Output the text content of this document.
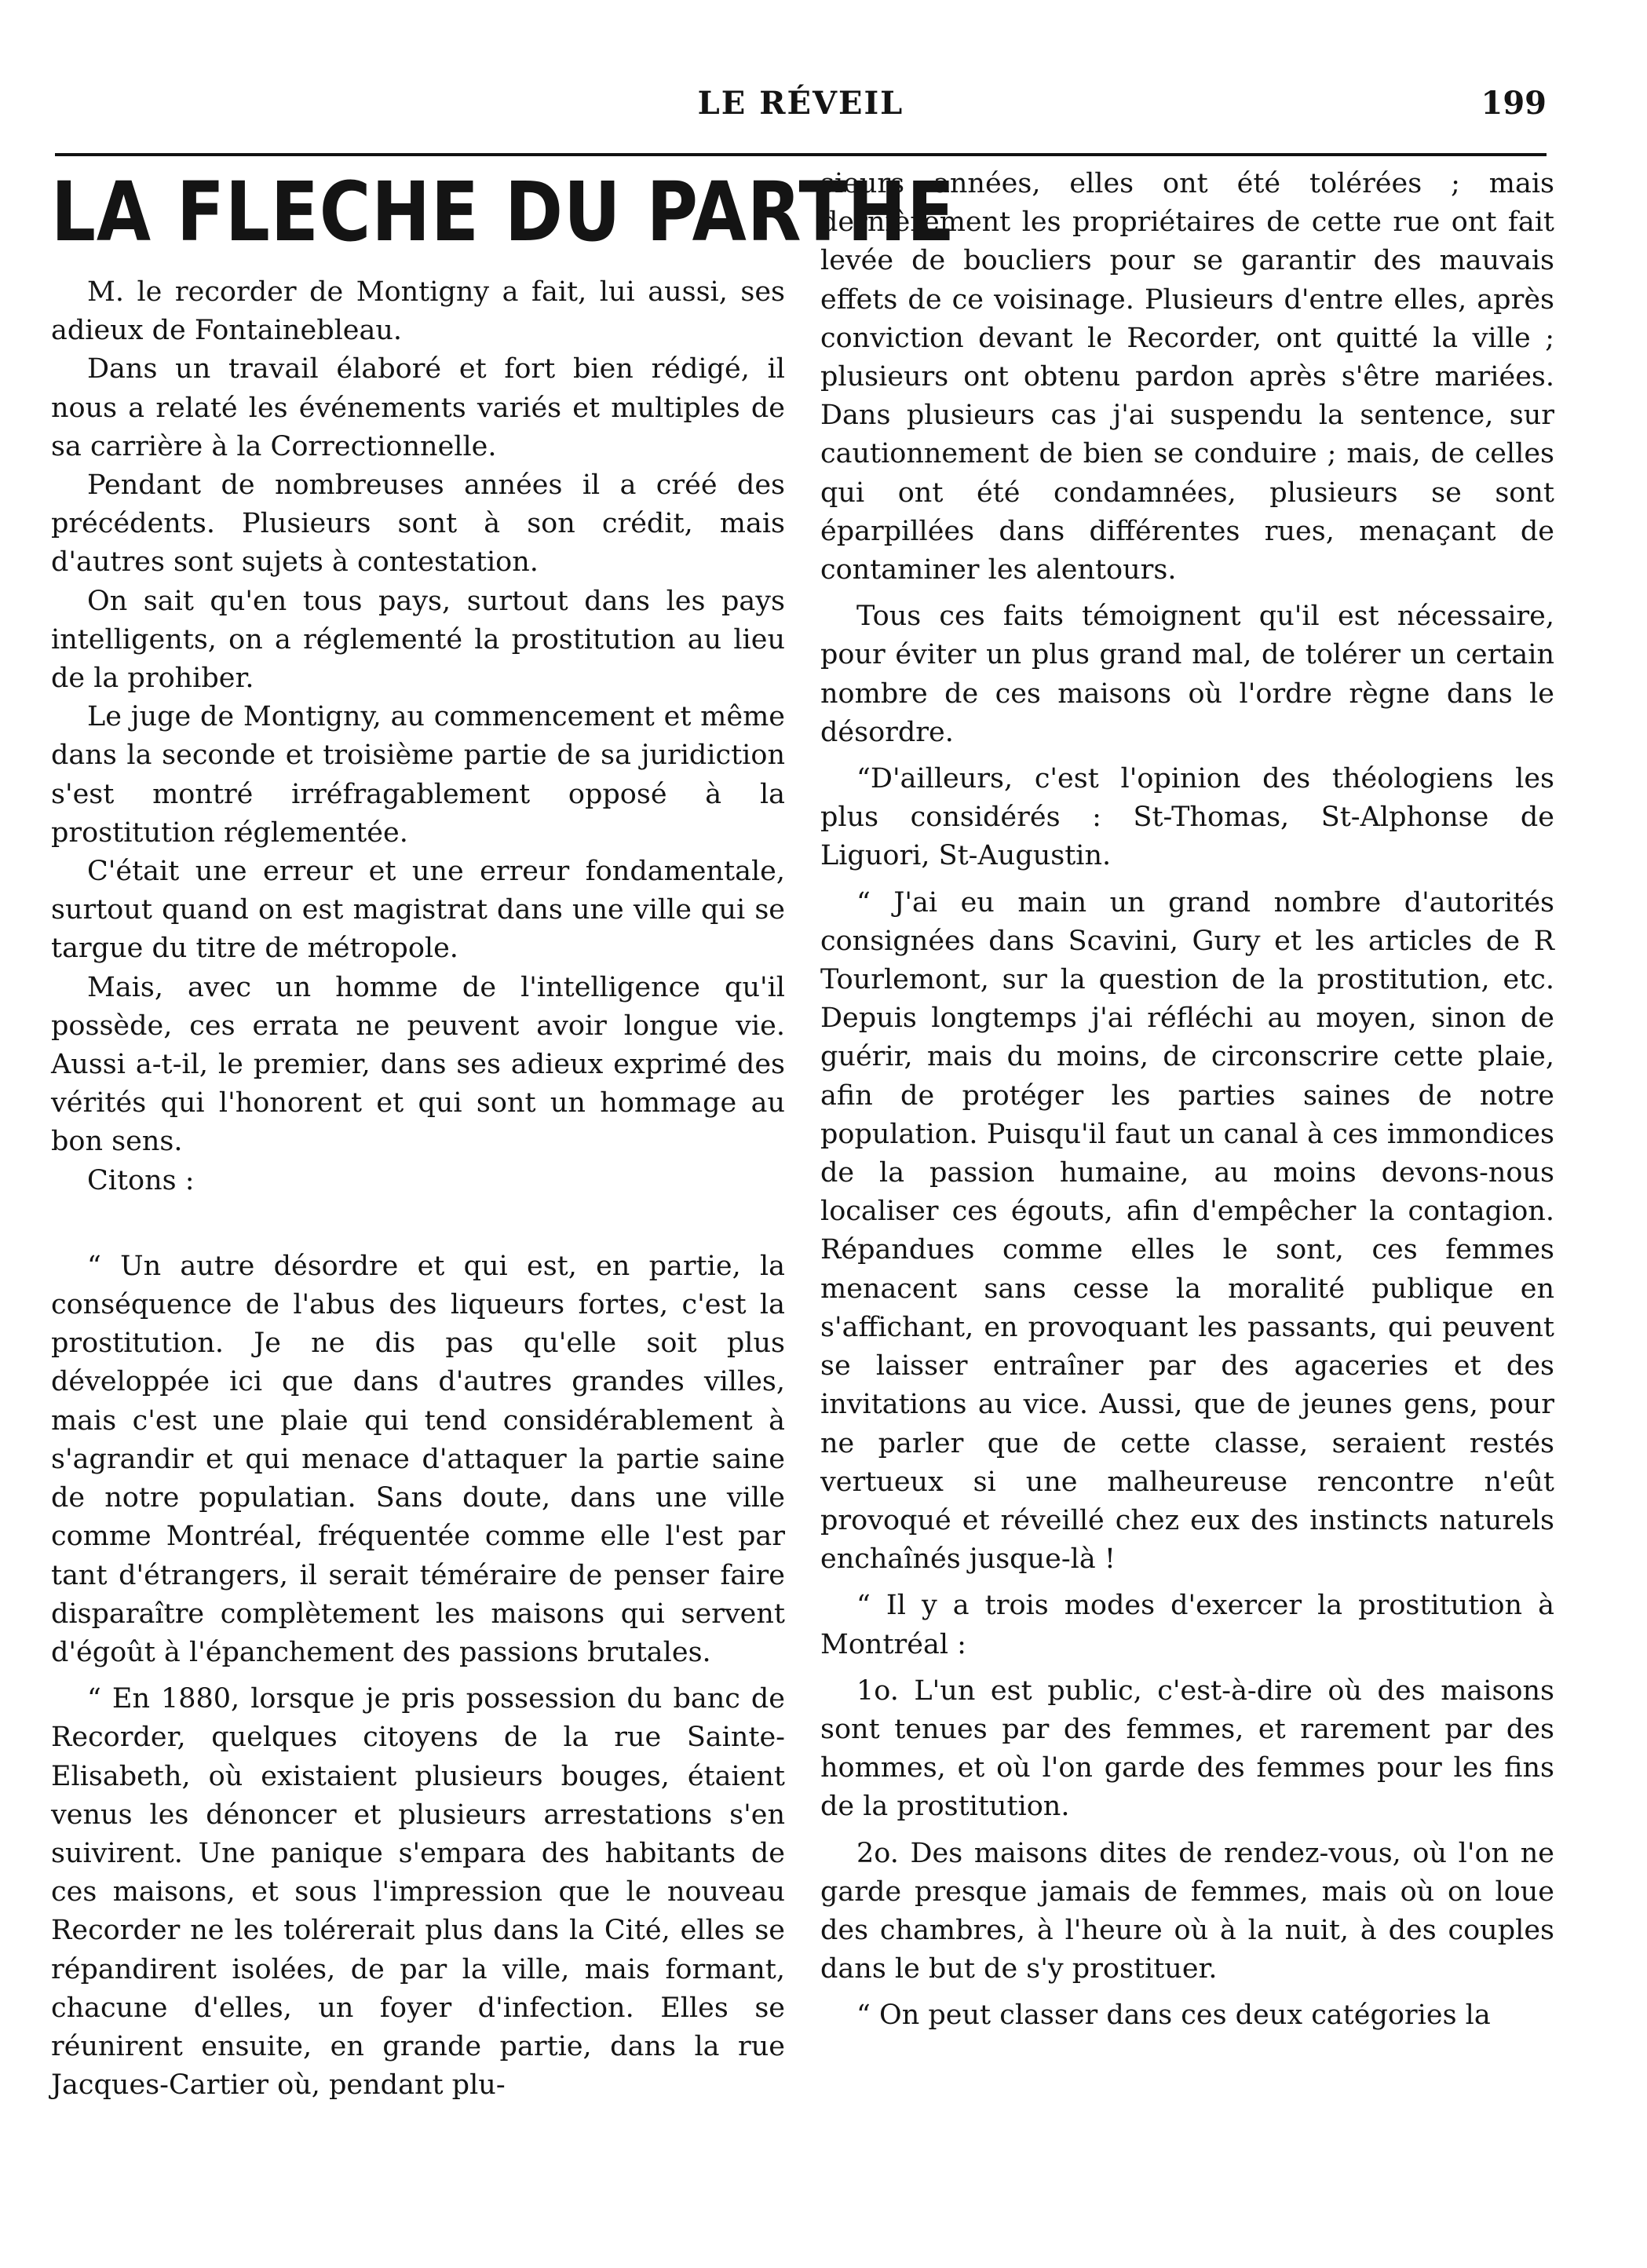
LE RÉVEIL	199
LA FLECHE DU PARTHE

M. le recorder de Montigny a fait, lui aussi, ses adieux de Fontainebleau.

Dans un travail élaboré et fort bien rédigé, il nous a relaté les événements variés et multiples de sa carrière à la Correctionnelle.

Pendant de nombreuses années il a créé des précédents. Plusieurs sont à son crédit, mais d'autres sont sujets à contestation.

On sait qu'en tous pays, surtout dans les pays intelligents, on a réglementé la prostitution au lieu de la prohiber.

Le juge de Montigny, au commencement et même dans la seconde et troisième partie de sa juridiction s'est montré irréfragablement opposé à la prostitution réglementée.

C'était une erreur et une erreur fondamentale, surtout quand on est magistrat dans une ville qui se targue du titre de métropole.

Mais, avec un homme de l'intelligence qu'il possède, ces errata ne peuvent avoir longue vie. Aussi a-t-il, le premier, dans ses adieux exprimé des vérités qui l'honorent et qui sont un hommage au bon sens.

Citons :

“ Un autre désordre et qui est, en partie, la conséquence de l'abus des liqueurs fortes, c'est la prostitution. Je ne dis pas qu'elle soit plus développée ici que dans d'autres grandes villes, mais c'est une plaie qui tend considérablement à s'agrandir et qui menace d'attaquer la partie saine de notre populatian. Sans doute, dans une ville comme Montréal, fréquentée comme elle l'est par tant d'étrangers, il serait téméraire de penser faire disparaître complètement les maisons qui servent d'égoût à l'épanchement des passions brutales.

“ En 1880, lorsque je pris possession du banc de Recorder, quelques citoyens de la rue Sainte-Elisabeth, où existaient plusieurs bouges, étaient venus les dénoncer et plusieurs arrestations s'en suivirent. Une panique s'empara des habitants de ces maisons, et sous l'impression que le nouveau Recorder ne les tolérerait plus dans la Cité, elles se répandirent isolées, de par la ville, mais formant, chacune d'elles, un foyer d'infection. Elles se réunirent ensuite, en grande partie, dans la rue Jacques-Cartier où, pendant plu-

sieurs années, elles ont été tolérées ; mais dernièrement les propriétaires de cette rue ont fait levée de boucliers pour se garantir des mauvais effets de ce voisinage. Plusieurs d'entre elles, après conviction devant le Recorder, ont quitté la ville ; plusieurs ont obtenu pardon après s'être mariées. Dans plusieurs cas j'ai suspendu la sentence, sur cautionnement de bien se conduire ; mais, de celles qui ont été condamnées, plusieurs se sont éparpillées dans différentes rues, menaçant de contaminer les alentours.

Tous ces faits témoignent qu'il est nécessaire, pour éviter un plus grand mal, de tolérer un certain nombre de ces maisons où l'ordre règne dans le désordre.

“D'ailleurs, c'est l'opinion des théologiens les plus considérés : St-Thomas, St-Alphonse de Liguori, St-Augustin.

“ J'ai eu main un grand nombre d'autorités consignées dans Scavini, Gury et les articles de R Tourlemont, sur la question de la prostitution, etc. Depuis longtemps j'ai réfléchi au moyen, sinon de guérir, mais du moins, de circonscrire cette plaie, afin de protéger les parties saines de notre population. Puisqu'il faut un canal à ces immondices de la passion humaine, au moins devons-nous localiser ces égouts, afin d'empêcher la contagion. Répandues comme elles le sont, ces femmes menacent sans cesse la moralité publique en s'affichant, en provoquant les passants, qui peuvent se laisser entraîner par des agaceries et des invitations au vice. Aussi, que de jeunes gens, pour ne parler que de cette classe, seraient restés vertueux si une malheureuse rencontre n'eût provoqué et réveillé chez eux des instincts naturels enchaînés jusque-là !

“ Il y a trois modes d'exercer la prostitution à Montréal :

1o. L'un est public, c'est-à-dire où des maisons sont tenues par des femmes, et rarement par des hommes, et où l'on garde des femmes pour les fins de la prostitution.

2o. Des maisons dites de rendez-vous, où l'on ne garde presque jamais de femmes, mais où on loue des chambres, à l'heure où à la nuit, à des couples dans le but de s'y prostituer.

“ On peut classer dans ces deux catégories la
